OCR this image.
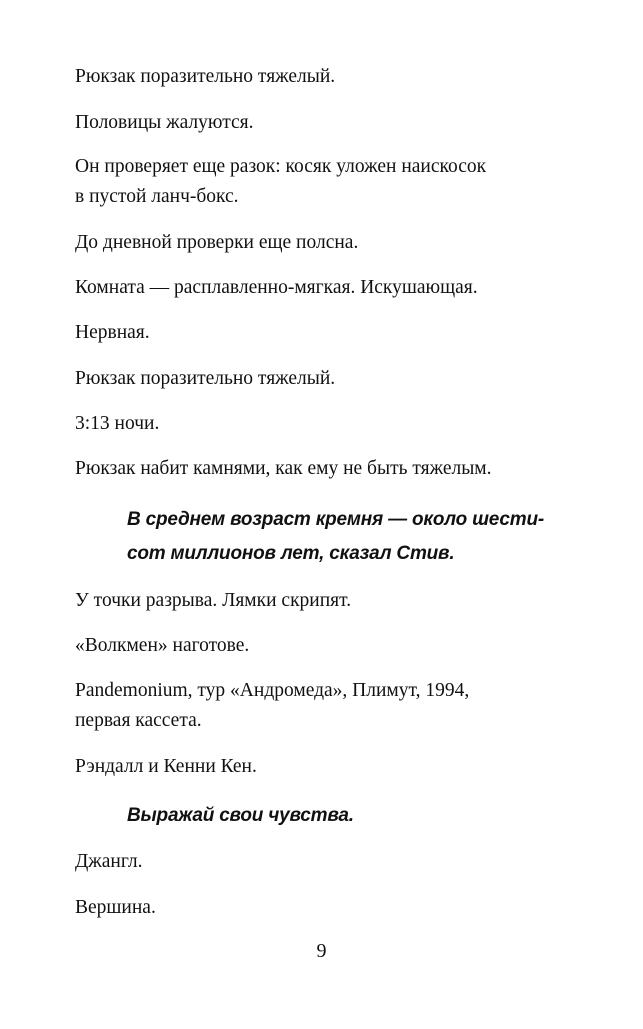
Рюкзак поразительно тяжелый.

Половицы жалуются.

Он проверяет еще разок: косяк уложен наискосок

в пустой ланч-бокс.

До дневной проверки еще полсна.

Комната — расплавленно-мягкая. Искушающая.

Нервная.

Рюкзак поразительно тяжелый.

3:13 ночи.

Рюкзак набит камнями, как ему не быть тяжелым.

В среднем возраст кремня — около шести-

сот миллионов лет, сказал Стив.

У точки разрыва. Лямки скрипят.

«Волкмен» наготове.

Pandemonium, тур «Андромеда», Плимут, 1994,

первая кассета.

Рэндалл и Кенни Кен.

Выражай свои чувства.

Джангл.

Вершина.

9
